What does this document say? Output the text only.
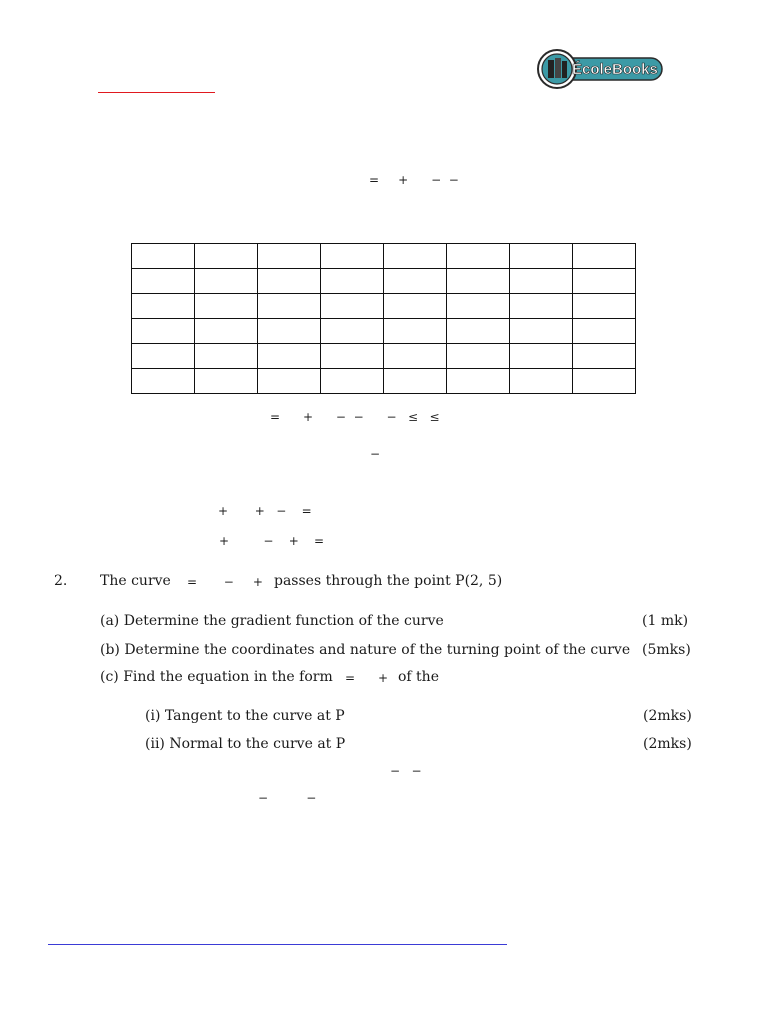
ÉcoleBooks
=     +      −  −

=      +      −  −      −   ≤   ≤
−
+       +   −    =
+         −    +    =
2. The curve =       −     + passes through the point P(2, 5)
(a) Determine the gradient function of the curve	(1 mk)
(b) Determine the coordinates and nature of the turning point of the curve (5mks)
(c) Find the equation in the form =      + of the
(i) Tangent to the curve at P	(2mks)
(ii) Normal to the curve at P	(2mks)
−   −
−          −
